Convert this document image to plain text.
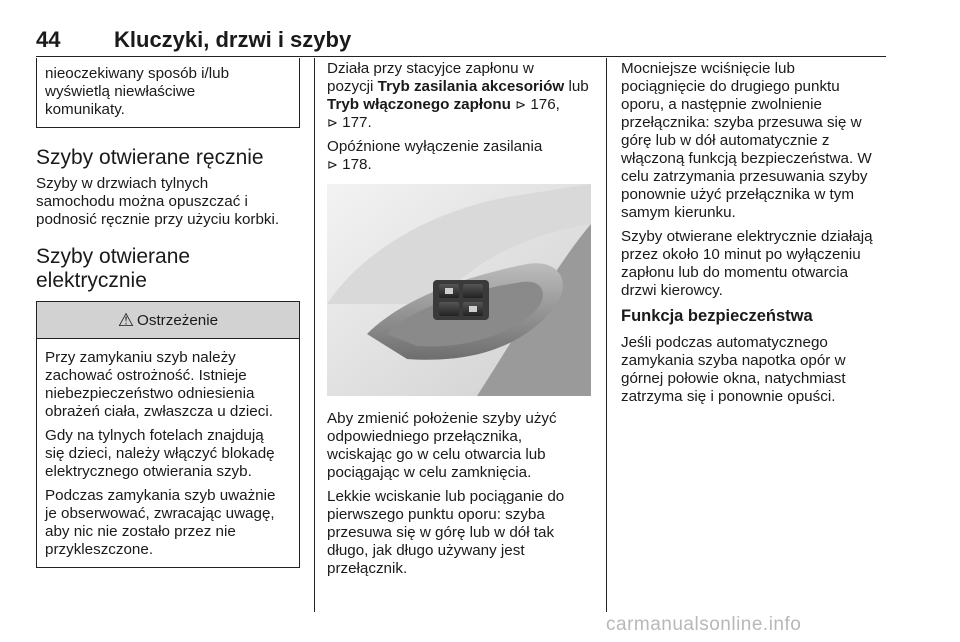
44	Kluczyki, drzwi i szyby
nieoczekiwany sposób i/lub
wyświetlą niewłaściwe
komunikaty.
Szyby otwierane ręcznie

Szyby w drzwiach tylnych
samochodu można opuszczać i
podnosić ręcznie przy użyciu korbki.

Szyby otwierane
elektrycznie
⚠ Ostrzeżenie

Przy zamykaniu szyb należy
zachować ostrożność. Istnieje
niebezpieczeństwo odniesienia
obrażeń ciała, zwłaszcza u dzieci.

Gdy na tylnych fotelach znajdują
się dzieci, należy włączyć blokadę
elektrycznego otwierania szyb.

Podczas zamykania szyb uważnie
je obserwować, zwracając uwagę,
aby nic nie zostało przez nie
przykleszczone.

Działa przy stacyjce zapłonu w
pozycji Tryb zasilania akcesoriów lub
Tryb włączonego zapłonu ⊳ 176,
⊳ 177.

Opóźnione wyłączenie zasilania
⊳ 178.

Aby zmienić położenie szyby użyć
odpowiedniego przełącznika,
wciskając go w celu otwarcia lub
pociągając w celu zamknięcia.

Lekkie wciskanie lub pociąganie do
pierwszego punktu oporu: szyba
przesuwa się w górę lub w dół tak
długo, jak długo używany jest
przełącznik.

Mocniejsze wciśnięcie lub
pociągnięcie do drugiego punktu
oporu, a następnie zwolnienie
przełącznika: szyba przesuwa się w
górę lub w dół automatycznie z
włączoną funkcją bezpieczeństwa. W
celu zatrzymania przesuwania szyby
ponownie użyć przełącznika w tym
samym kierunku.

Szyby otwierane elektrycznie działają
przez około 10 minut po wyłączeniu
zapłonu lub do momentu otwarcia
drzwi kierowcy.

Funkcja bezpieczeństwa

Jeśli podczas automatycznego
zamykania szyba napotka opór w
górnej połowie okna, natychmiast
zatrzyma się i ponownie opuści.

carmanualsonline.info
